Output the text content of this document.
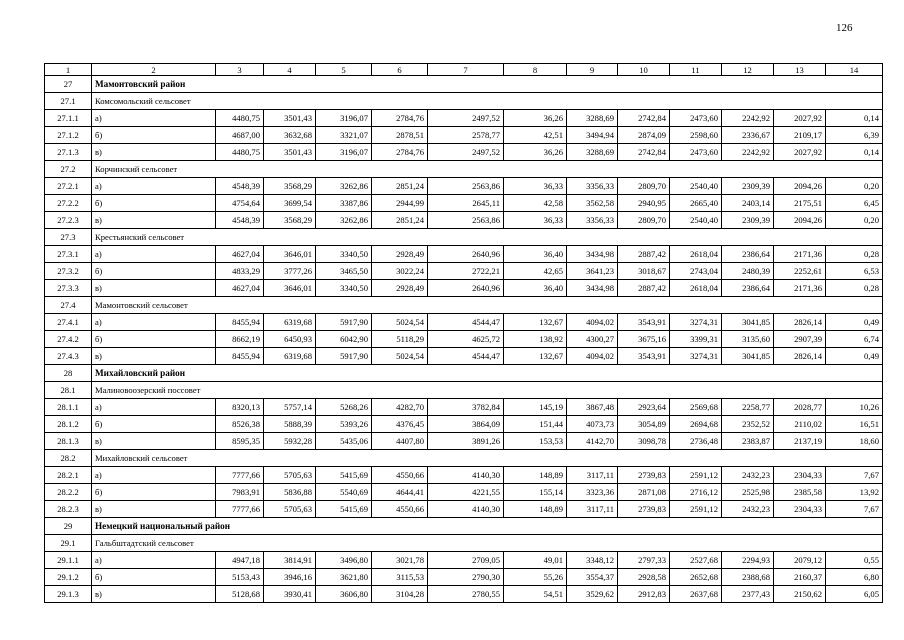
126
1	2	3	4	5	6	7	8	9	10	11	12	13	14
27	Мамонтовский район												
27.1	Комсомольский сельсовет												
27.1.1	а)	4480,75	3501,43	3196,07	2784,76	2497,52	36,26	3288,69	2742,84	2473,60	2242,92	2027,92	0,14
27.1.2	б)	4687,00	3632,68	3321,07	2878,51	2578,77	42,51	3494,94	2874,09	2598,60	2336,67	2109,17	6,39
27.1.3	в)	4480,75	3501,43	3196,07	2784,76	2497,52	36,26	3288,69	2742,84	2473,60	2242,92	2027,92	0,14
27.2	Корчинский сельсовет												
27.2.1	а)	4548,39	3568,29	3262,86	2851,24	2563,86	36,33	3356,33	2809,70	2540,40	2309,39	2094,26	0,20
27.2.2	б)	4754,64	3699,54	3387,86	2944,99	2645,11	42,58	3562,58	2940,95	2665,40	2403,14	2175,51	6,45
27.2.3	в)	4548,39	3568,29	3262,86	2851,24	2563,86	36,33	3356,33	2809,70	2540,40	2309,39	2094,26	0,20
27.3	Крестьянский сельсовет												
27.3.1	а)	4627,04	3646,01	3340,50	2928,49	2640,96	36,40	3434,98	2887,42	2618,04	2386,64	2171,36	0,28
27.3.2	б)	4833,29	3777,26	3465,50	3022,24	2722,21	42,65	3641,23	3018,67	2743,04	2480,39	2252,61	6,53
27.3.3	в)	4627,04	3646,01	3340,50	2928,49	2640,96	36,40	3434,98	2887,42	2618,04	2386,64	2171,36	0,28
27.4	Мамонтовский сельсовет												
27.4.1	а)	8455,94	6319,68	5917,90	5024,54	4544,47	132,67	4094,02	3543,91	3274,31	3041,85	2826,14	0,49
27.4.2	б)	8662,19	6450,93	6042,90	5118,29	4625,72	138,92	4300,27	3675,16	3399,31	3135,60	2907,39	6,74
27.4.3	в)	8455,94	6319,68	5917,90	5024,54	4544,47	132,67	4094,02	3543,91	3274,31	3041,85	2826,14	0,49
28	Михайловский район												
28.1	Малиновоозерский поссовет												
28.1.1	а)	8320,13	5757,14	5268,26	4282,70	3782,84	145,19	3867,48	2923,64	2569,68	2258,77	2028,77	10,26
28.1.2	б)	8526,38	5888,39	5393,26	4376,45	3864,09	151,44	4073,73	3054,89	2694,68	2352,52	2110,02	16,51
28.1.3	в)	8595,35	5932,28	5435,06	4407,80	3891,26	153,53	4142,70	3098,78	2736,48	2383,87	2137,19	18,60
28.2	Михайловский сельсовет												
28.2.1	а)	7777,66	5705,63	5415,69	4550,66	4140,30	148,89	3117,11	2739,83	2591,12	2432,23	2304,33	7,67
28.2.2	б)	7983,91	5836,88	5540,69	4644,41	4221,55	155,14	3323,36	2871,08	2716,12	2525,98	2385,58	13,92
28.2.3	в)	7777,66	5705,63	5415,69	4550,66	4140,30	148,89	3117,11	2739,83	2591,12	2432,23	2304,33	7,67
29	Немецкий национальный район												
29.1	Гальбштадтский сельсовет												
29.1.1	а)	4947,18	3814,91	3496,80	3021,78	2709,05	49,01	3348,12	2797,33	2527,68	2294,93	2079,12	0,55
29.1.2	б)	5153,43	3946,16	3621,80	3115,53	2790,30	55,26	3554,37	2928,58	2652,68	2388,68	2160,37	6,80
29.1.3	в)	5128,68	3930,41	3606,80	3104,28	2780,55	54,51	3529,62	2912,83	2637,68	2377,43	2150,62	6,05
